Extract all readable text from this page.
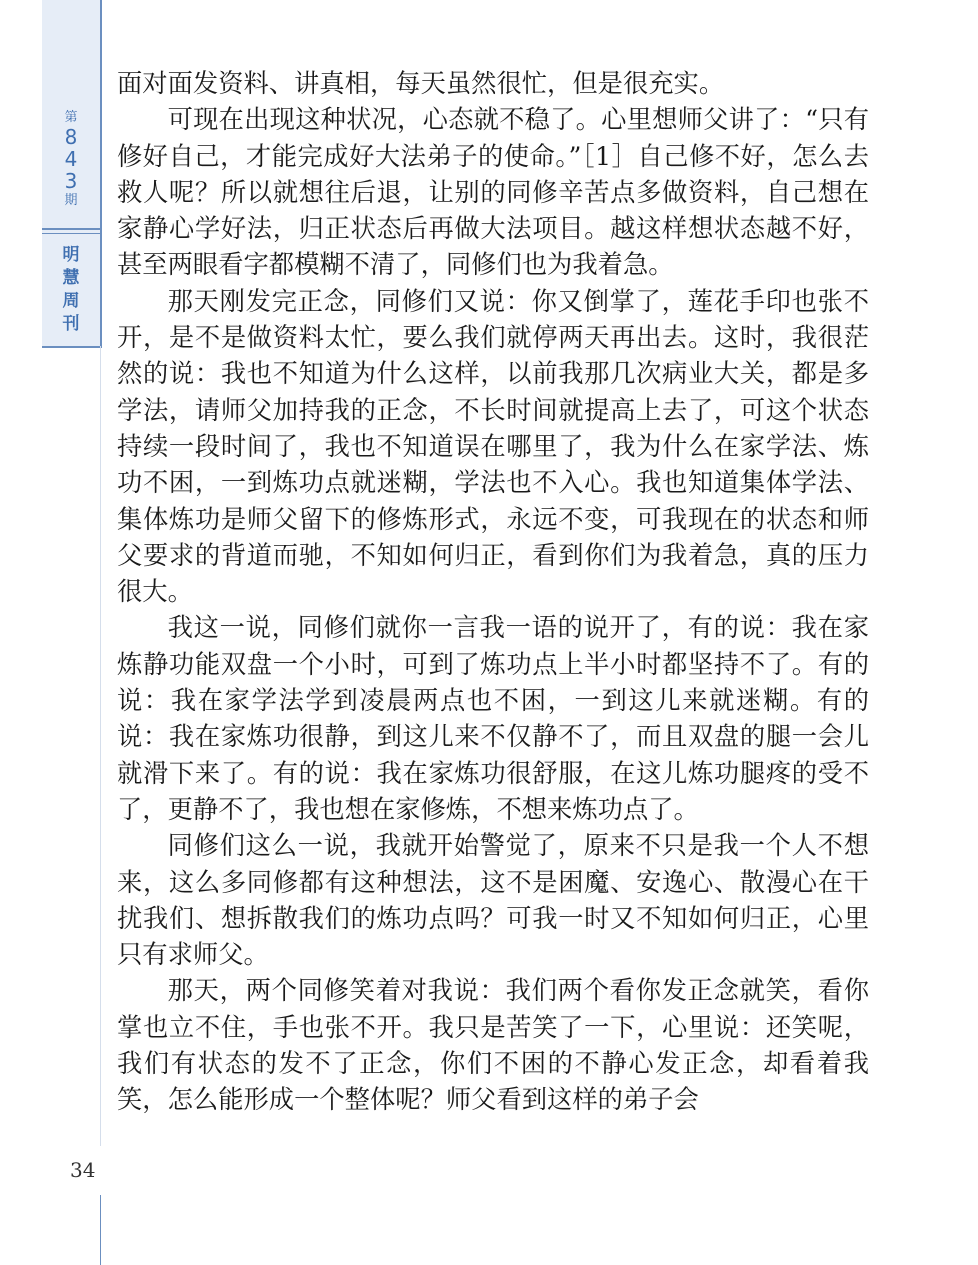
第
8
4
3
期
明
慧
周
刊

面对面发资料、讲真相，每天虽然很忙，但是很充实。

可现在出现这种状况，心态就不稳了。心里想师父讲了：“只有修好自己，才能完成好大法弟子的使命。”［1］自己修不好，怎么去救人呢？所以就想往后退，让别的同修辛苦点多做资料，自己想在家静心学好法，归正状态后再做大法项目。越这样想状态越不好，甚至两眼看字都模糊不清了，同修们也为我着急。

那天刚发完正念，同修们又说：你又倒掌了，莲花手印也张不开，是不是做资料太忙，要么我们就停两天再出去。这时，我很茫然的说：我也不知道为什么这样，以前我那几次病业大关，都是多学法，请师父加持我的正念，不长时间就提高上去了，可这个状态持续一段时间了，我也不知道误在哪里了，我为什么在家学法、炼功不困，一到炼功点就迷糊，学法也不入心。我也知道集体学法、集体炼功是师父留下的修炼形式，永远不变，可我现在的状态和师父要求的背道而驰，不知如何归正，看到你们为我着急，真的压力很大。

我这一说，同修们就你一言我一语的说开了，有的说：我在家炼静功能双盘一个小时，可到了炼功点上半小时都坚持不了。有的说：我在家学法学到凌晨两点也不困，一到这儿来就迷糊。有的说：我在家炼功很静，到这儿来不仅静不了，而且双盘的腿一会儿就滑下来了。有的说：我在家炼功很舒服，在这儿炼功腿疼的受不了，更静不了，我也想在家修炼，不想来炼功点了。

同修们这么一说，我就开始警觉了，原来不只是我一个人不想来，这么多同修都有这种想法，这不是困魔、安逸心、散漫心在干扰我们、想拆散我们的炼功点吗？可我一时又不知如何归正，心里只有求师父。

那天，两个同修笑着对我说：我们两个看你发正念就笑，看你掌也立不住，手也张不开。我只是苦笑了一下，心里说：还笑呢，我们有状态的发不了正念，你们不困的不静心发正念，却看着我笑，怎么能形成一个整体呢？师父看到这样的弟子会

34
